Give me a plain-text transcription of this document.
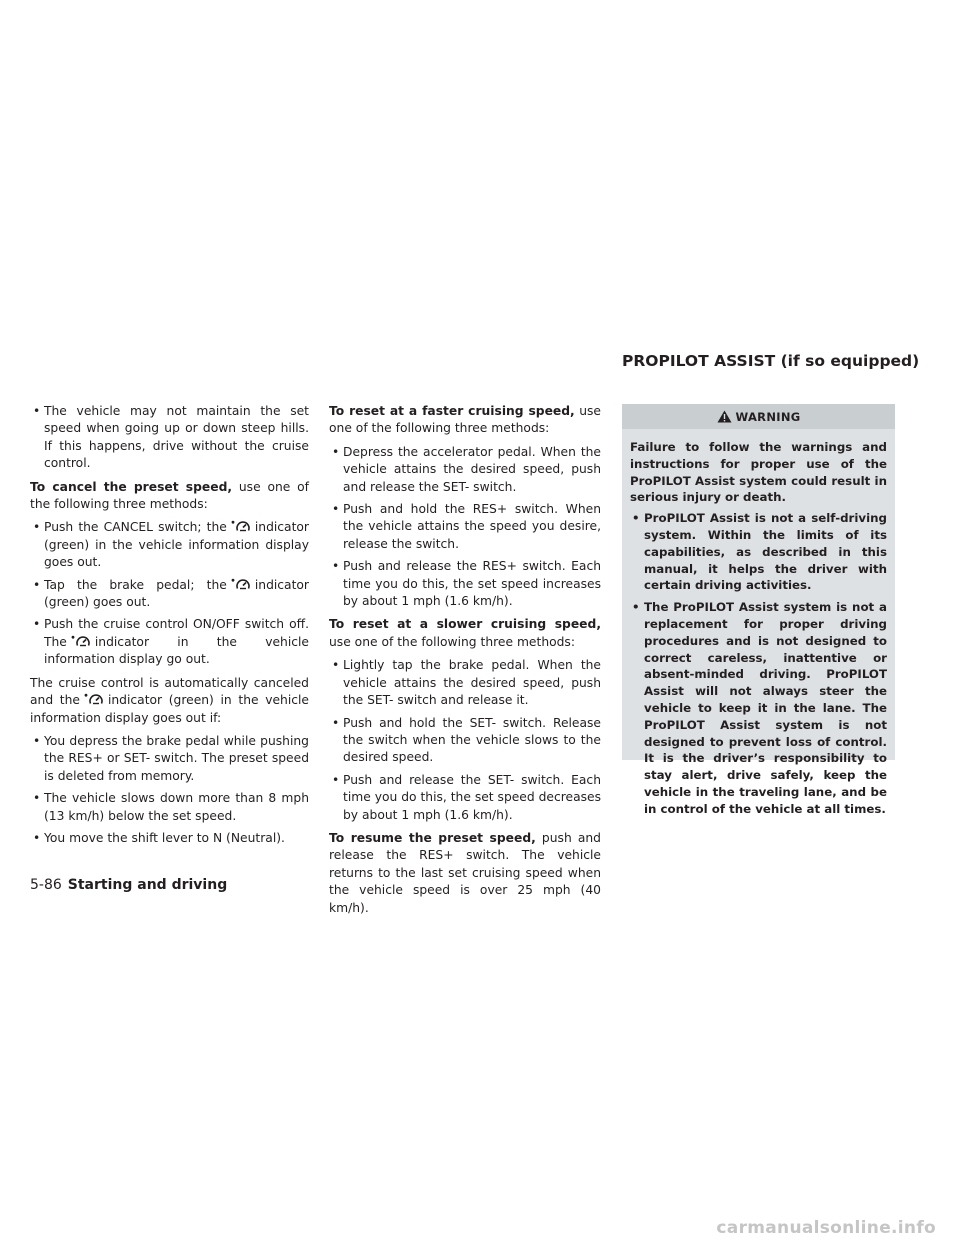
PROPILOT ASSIST (if so equipped)
• The vehicle may not maintain the set speed when going up or down steep hills. If this happens, drive without the cruise control.

To cancel the preset speed, use one of the following three methods:

• Push the CANCEL switch; the indicator (green) in the vehicle information display goes out.
• Tap the brake pedal; the indicator (green) goes out.
• Push the cruise control ON/OFF switch off. The indicator in the vehicle information display go out.

The cruise control is automatically canceled and the indicator (green) in the vehicle information display goes out if:

• You depress the brake pedal while pushing the RES+ or SET- switch. The preset speed is deleted from memory.
• The vehicle slows down more than 8 mph (13 km/h) below the set speed.
• You move the shift lever to N (Neutral).

To reset at a faster cruising speed, use one of the following three methods:

• Depress the accelerator pedal. When the vehicle attains the desired speed, push and release the SET- switch.
• Push and hold the RES+ switch. When the vehicle attains the speed you desire, release the switch.
• Push and release the RES+ switch. Each time you do this, the set speed increases by about 1 mph (1.6 km/h).

To reset at a slower cruising speed, use one of the following three methods:

• Lightly tap the brake pedal. When the vehicle attains the desired speed, push the SET- switch and release it.
• Push and hold the SET- switch. Release the switch when the vehicle slows to the desired speed.
• Push and release the SET- switch. Each time you do this, the set speed decreases by about 1 mph (1.6 km/h).

To resume the preset speed, push and release the RES+ switch. The vehicle returns to the last set cruising speed when the vehicle speed is over 25 mph (40 km/h).

WARNING

Failure to follow the warnings and instructions for proper use of the ProPILOT Assist system could result in serious injury or death.

• ProPILOT Assist is not a self-driving system. Within the limits of its capabilities, as described in this manual, it helps the driver with certain driving activities.
• The ProPILOT Assist system is not a replacement for proper driving procedures and is not designed to correct careless, inattentive or absent-minded driving. ProPILOT Assist will not always steer the vehicle to keep it in the lane. The ProPILOT Assist system is not designed to prevent loss of control. It is the driver’s responsibility to stay alert, drive safely, keep the vehicle in the traveling lane, and be in control of the vehicle at all times.
5-86 Starting and driving
carmanualsonline.info
